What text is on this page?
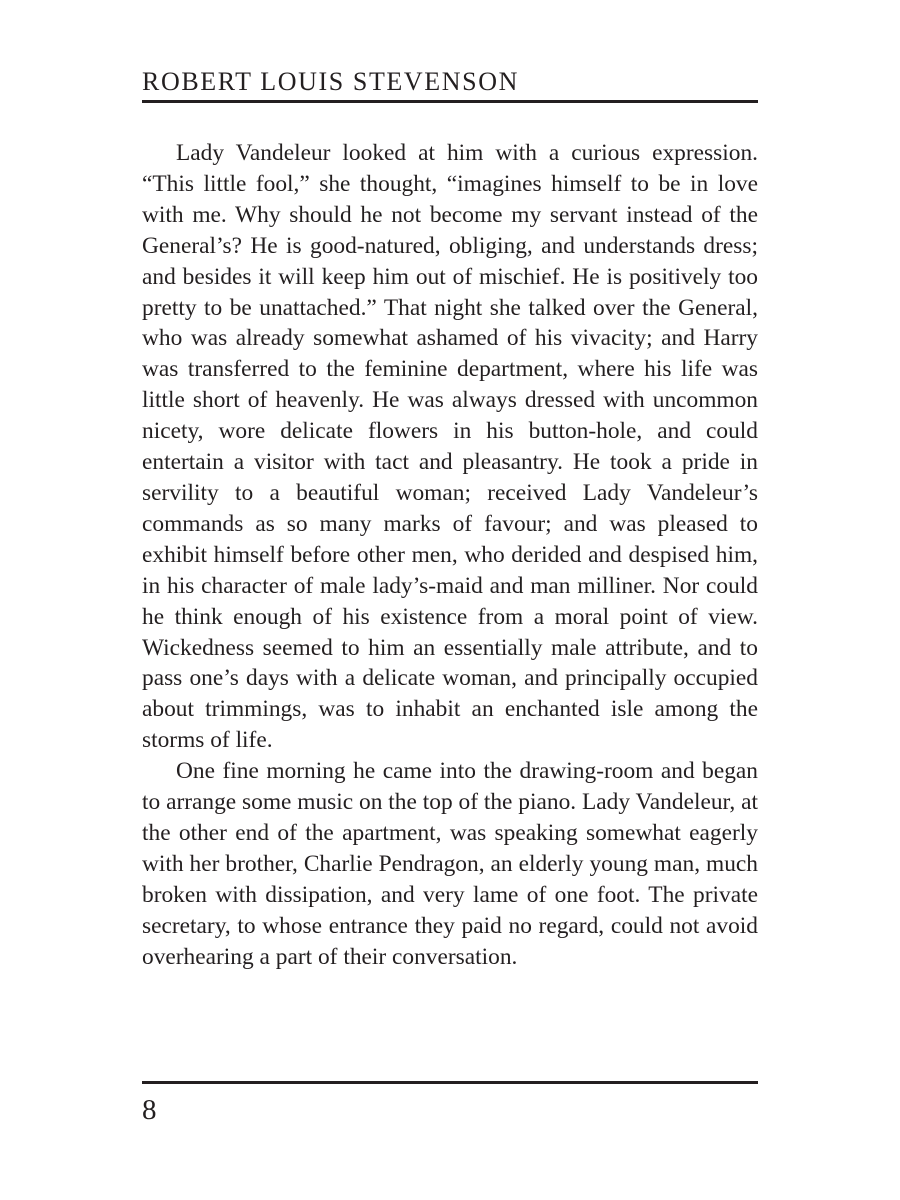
ROBERT LOUIS STEVENSON

Lady Vandeleur looked at him with a curious expression. “This little fool,” she thought, “imagines himself to be in love with me. Why should he not become my servant instead of the General’s? He is good-natured, obliging, and understands dress; and besides it will keep him out of mischief. He is positively too pretty to be unattached.” That night she talked over the General, who was already somewhat ashamed of his vivacity; and Harry was transferred to the feminine department, where his life was little short of heavenly. He was always dressed with uncommon nicety, wore delicate flowers in his button-hole, and could entertain a visitor with tact and pleasantry. He took a pride in servility to a beautiful woman; received Lady Vandeleur’s commands as so many marks of favour; and was pleased to exhibit himself before other men, who derided and despised him, in his character of male lady’s-maid and man milliner. Nor could he think enough of his existence from a moral point of view. Wickedness seemed to him an essentially male attribute, and to pass one’s days with a delicate woman, and principally occupied about trimmings, was to inhabit an enchanted isle among the storms of life.

One fine morning he came into the drawing-room and began to arrange some music on the top of the piano. Lady Vandeleur, at the other end of the apartment, was speaking somewhat eagerly with her brother, Charlie Pendragon, an elderly young man, much broken with dissipation, and very lame of one foot. The private secretary, to whose entrance they paid no regard, could not avoid overhearing a part of their conversation.

8
